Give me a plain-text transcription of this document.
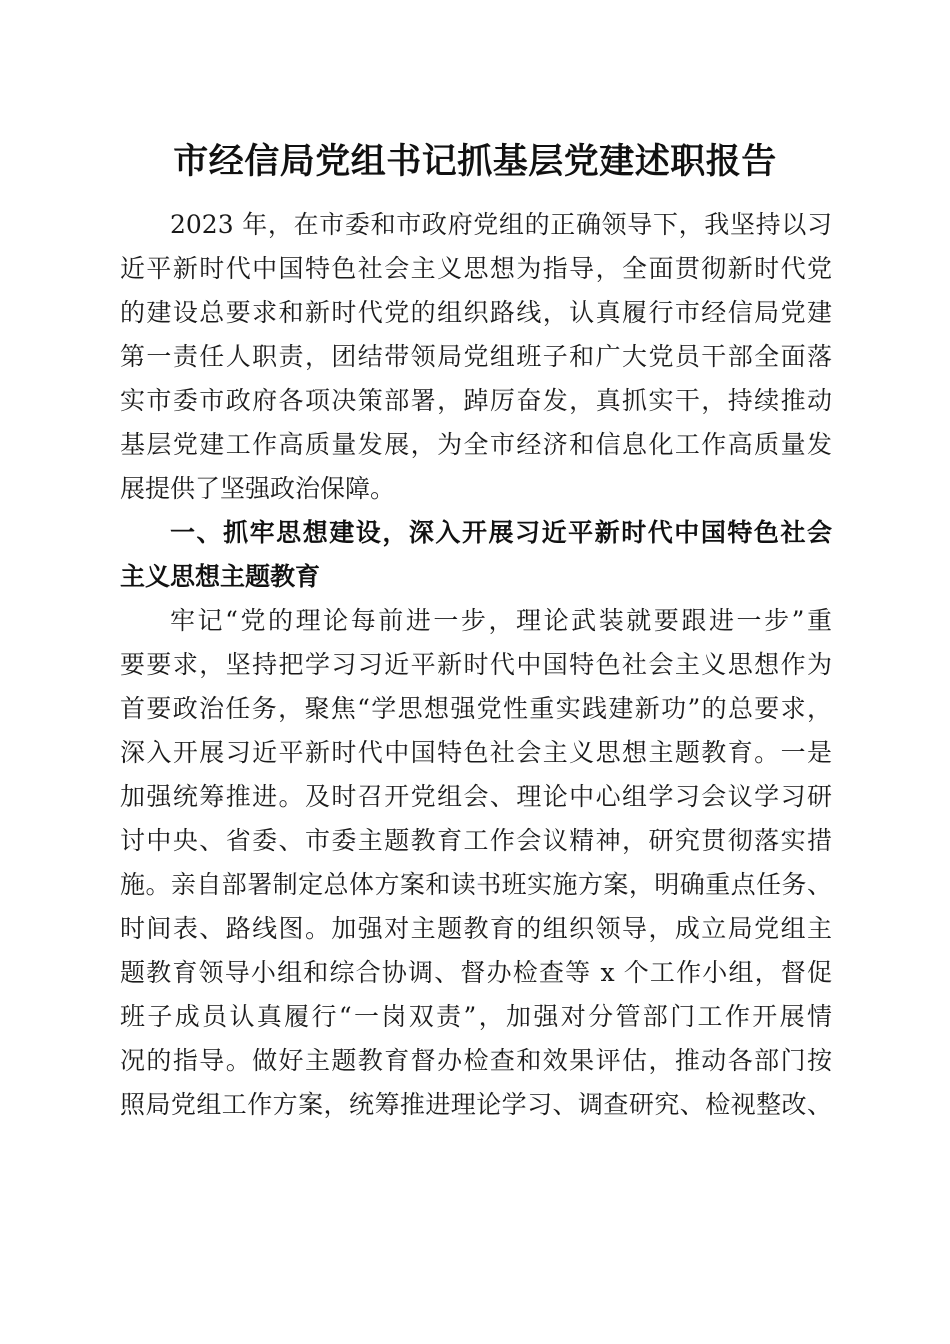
市经信局党组书记抓基层党建述职报告
2023 年，在市委和市政府党组的正确领导下，我坚持以习
近平新时代中国特色社会主义思想为指导，全面贯彻新时代党
的建设总要求和新时代党的组织路线，认真履行市经信局党建
第一责任人职责，团结带领局党组班子和广大党员干部全面落
实市委市政府各项决策部署，踔厉奋发，真抓实干，持续推动
基层党建工作高质量发展，为全市经济和信息化工作高质量发
展提供了坚强政治保障。
一、抓牢思想建设，深入开展习近平新时代中国特色社会
主义思想主题教育
牢记“党的理论每前进一步，理论武装就要跟进一步”重
要要求，坚持把学习习近平新时代中国特色社会主义思想作为
首要政治任务，聚焦“学思想强党性重实践建新功”的总要求，
深入开展习近平新时代中国特色社会主义思想主题教育。一是
加强统筹推进。及时召开党组会、理论中心组学习会议学习研
讨中央、省委、市委主题教育工作会议精神，研究贯彻落实措
施。亲自部署制定总体方案和读书班实施方案，明确重点任务、
时间表、路线图。加强对主题教育的组织领导，成立局党组主
题教育领导小组和综合协调、督办检查等 x 个工作小组，督促
班子成员认真履行“一岗双责”，加强对分管部门工作开展情
况的指导。做好主题教育督办检查和效果评估，推动各部门按
照局党组工作方案，统筹推进理论学习、调查研究、检视整改、
